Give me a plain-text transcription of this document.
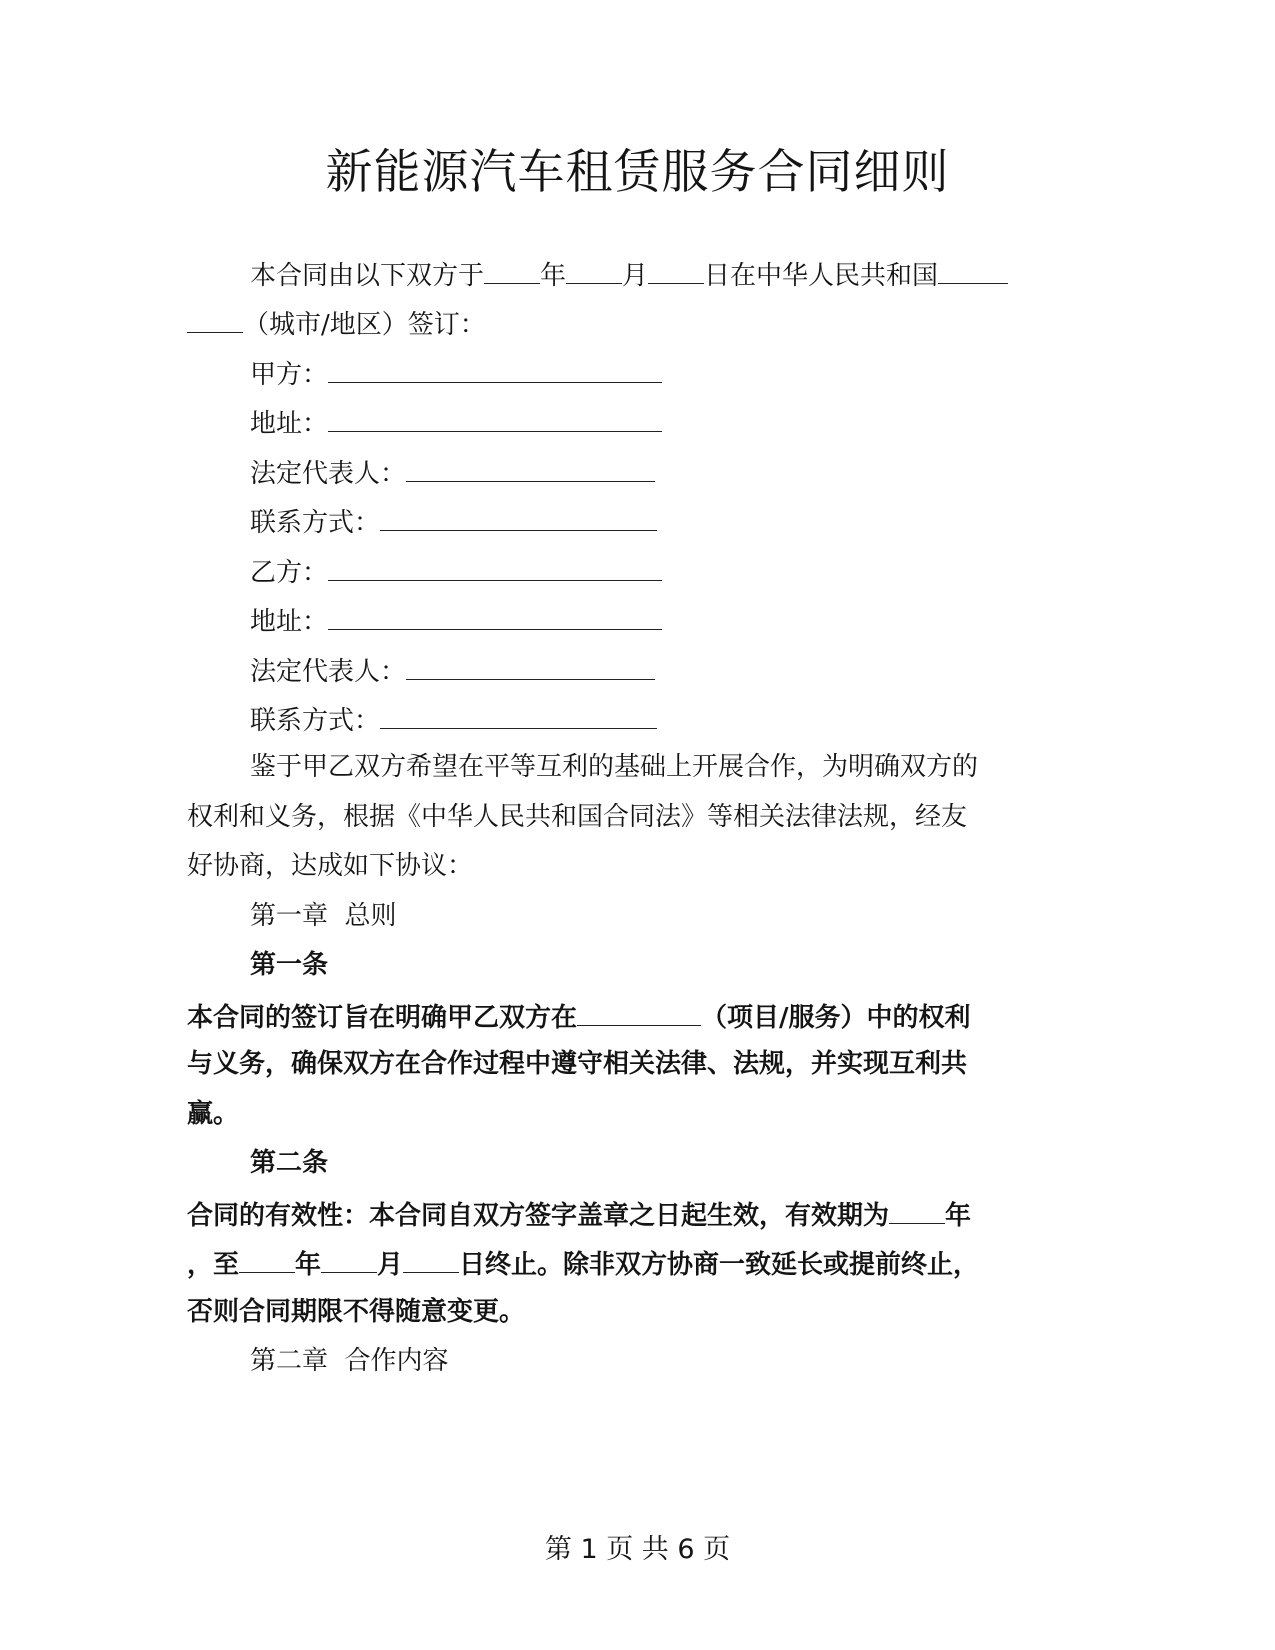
新能源汽车租赁服务合同细则
本合同由以下双方于 年 月 日在中华人民共和国
（城市/地区）签订：
甲方：
地址：
法定代表人：
联系方式：
乙方：
地址：
法定代表人：
联系方式：
鉴于甲乙双方希望在平等互利的基础上开展合作，为明确双方的
权利和义务，根据《中华人民共和国合同法》等相关法律法规，经友
好协商，达成如下协议：
第一章  总则
第一条
本合同的签订旨在明确甲乙双方在	（项目/服务）中的权利
与义务，确保双方在合作过程中遵守相关法律、法规，并实现互利共
赢。
第二条
合同的有效性：本合同自双方签字盖章之日起生效，有效期为 年
，至 年 月 日终止。除非双方协商一致延长或提前终止，
否则合同期限不得随意变更。
第二章  合作内容
第 1 页 共 6 页
